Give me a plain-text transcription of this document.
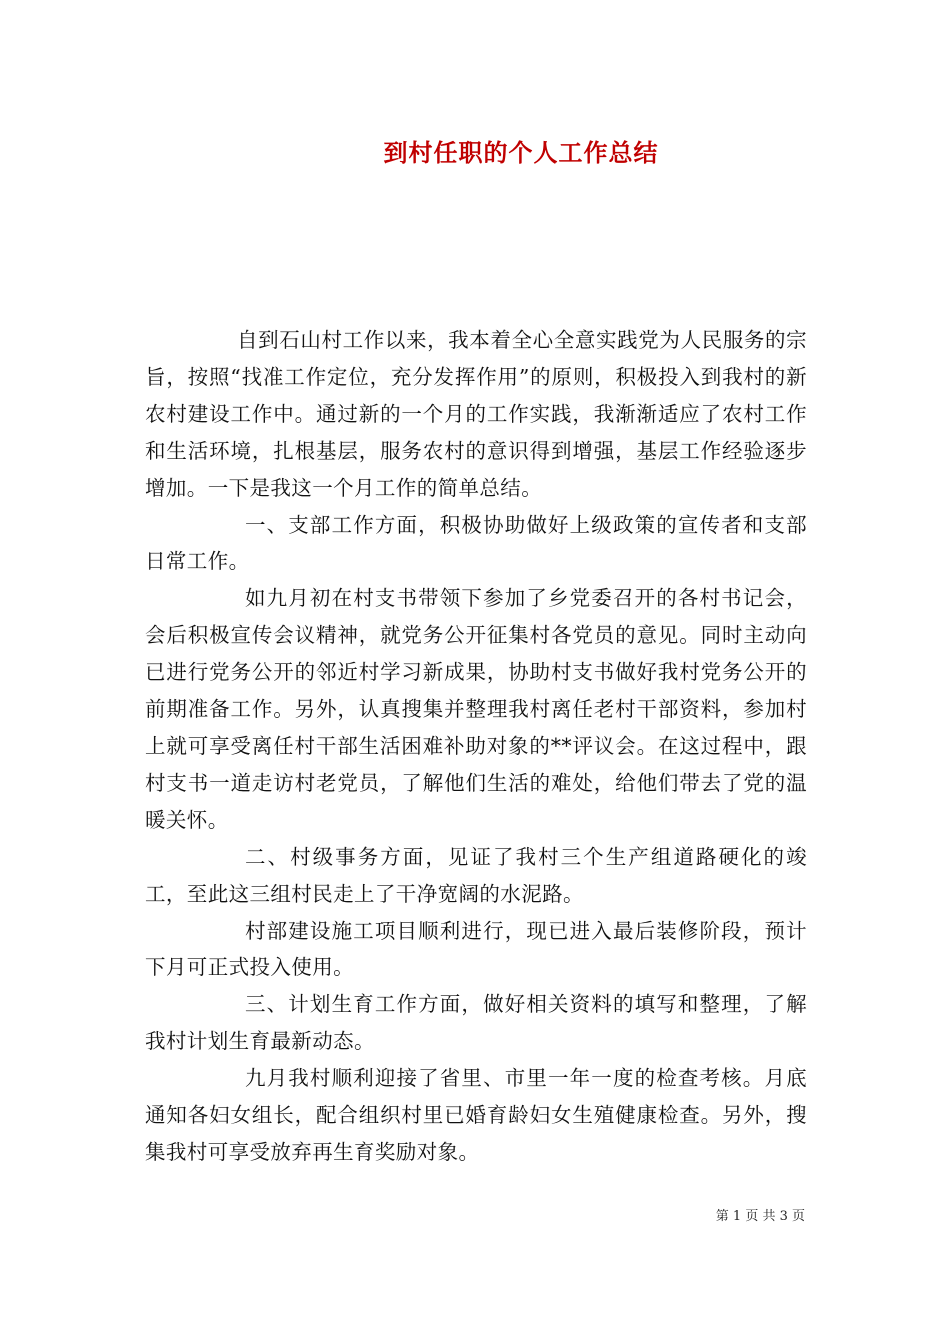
到村任职的个人工作总结

自到石山村工作以来，我本着全心全意实践党为人民服务的宗旨，按照“找准工作定位，充分发挥作用”的原则，积极投入到我村的新农村建设工作中。通过新的一个月的工作实践，我渐渐适应了农村工作和生活环境，扎根基层，服务农村的意识得到增强，基层工作经验逐步增加。一下是我这一个月工作的简单总结。

一、支部工作方面，积极协助做好上级政策的宣传者和支部日常工作。

如九月初在村支书带领下参加了乡党委召开的各村书记会，会后积极宣传会议精神，就党务公开征集村各党员的意见。同时主动向已进行党务公开的邻近村学习新成果，协助村支书做好我村党务公开的前期准备工作。另外，认真搜集并整理我村离任老村干部资料，参加村上就可享受离任村干部生活困难补助对象的**评议会。在这过程中，跟村支书一道走访村老党员，了解他们生活的难处，给他们带去了党的温暖关怀。

二、村级事务方面，见证了我村三个生产组道路硬化的竣工，至此这三组村民走上了干净宽阔的水泥路。

村部建设施工项目顺利进行，现已进入最后装修阶段，预计下月可正式投入使用。

三、计划生育工作方面，做好相关资料的填写和整理，了解我村计划生育最新动态。

九月我村顺利迎接了省里、市里一年一度的检查考核。月底通知各妇女组长，配合组织村里已婚育龄妇女生殖健康检查。另外，搜集我村可享受放弃再生育奖励对象。

第 1 页 共 3 页
